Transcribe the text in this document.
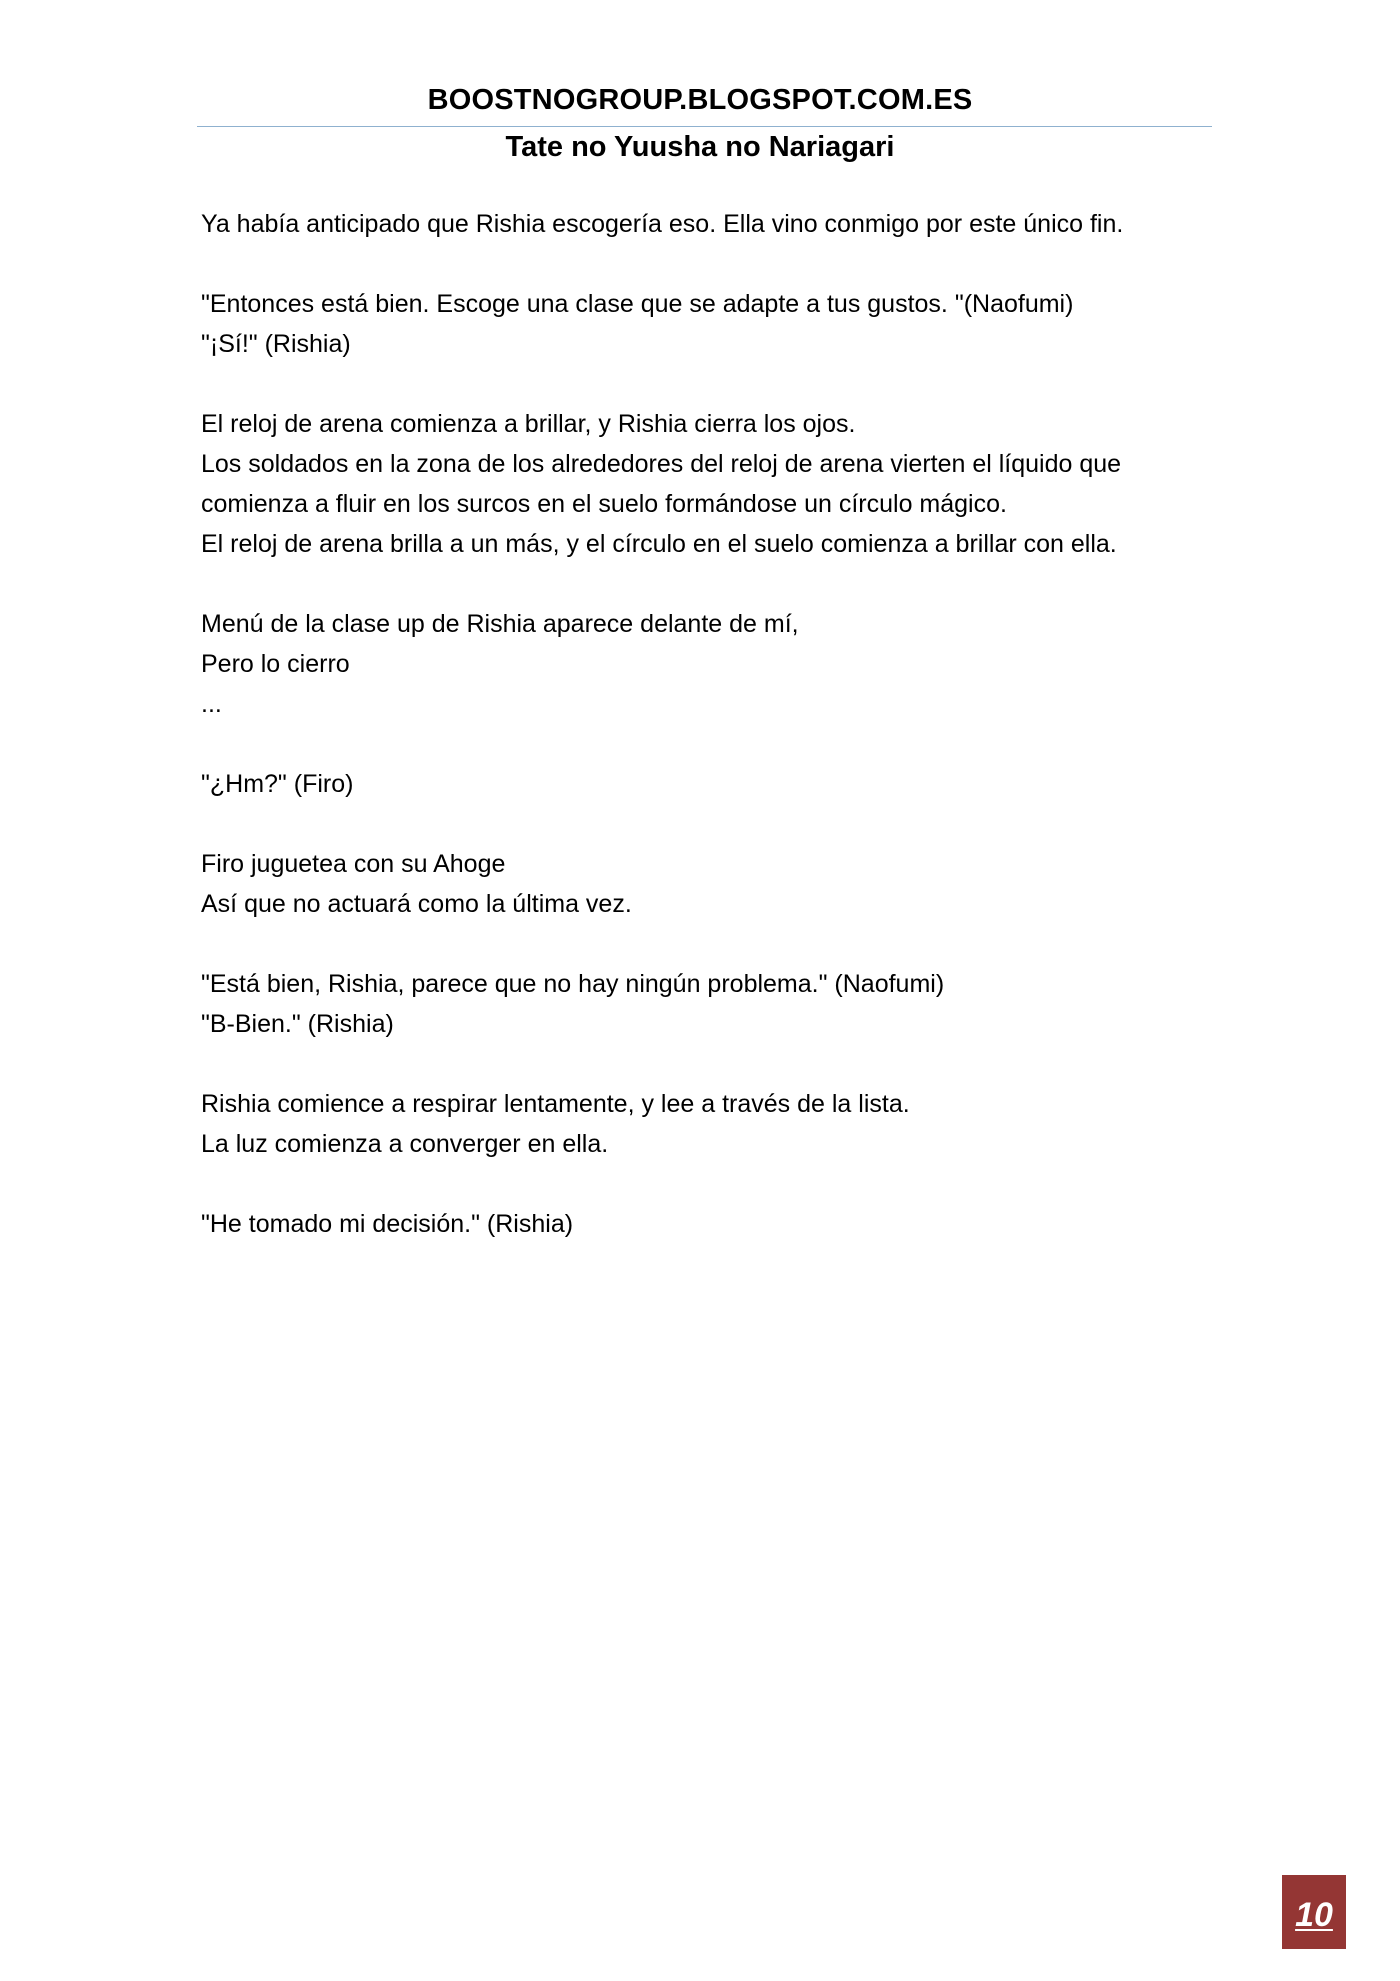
BOOSTNOGROUP.BLOGSPOT.COM.ES
Tate no Yuusha no Nariagari

Ya había anticipado que Rishia escogería eso. Ella vino conmigo por este único fin.

"Entonces está bien. Escoge una clase que se adapte a tus gustos. "(Naofumi)
"¡Sí!" (Rishia)

El reloj de arena comienza a brillar, y Rishia cierra los ojos.
Los soldados en la zona de los alrededores del reloj de arena vierten el líquido que
comienza a fluir en los surcos en el suelo formándose un círculo mágico.
El reloj de arena brilla a un más, y el círculo en el suelo comienza a brillar con ella.

Menú de la clase up de Rishia aparece delante de mí,
Pero lo cierro
...

"¿Hm?" (Firo)

Firo juguetea con su Ahoge
Así que no actuará como la última vez.

"Está bien, Rishia, parece que no hay ningún problema." (Naofumi)
"B-Bien." (Rishia)

Rishia comience a respirar lentamente, y lee a través de la lista.
La luz comienza a converger en ella.

"He tomado mi decisión." (Rishia)

10
